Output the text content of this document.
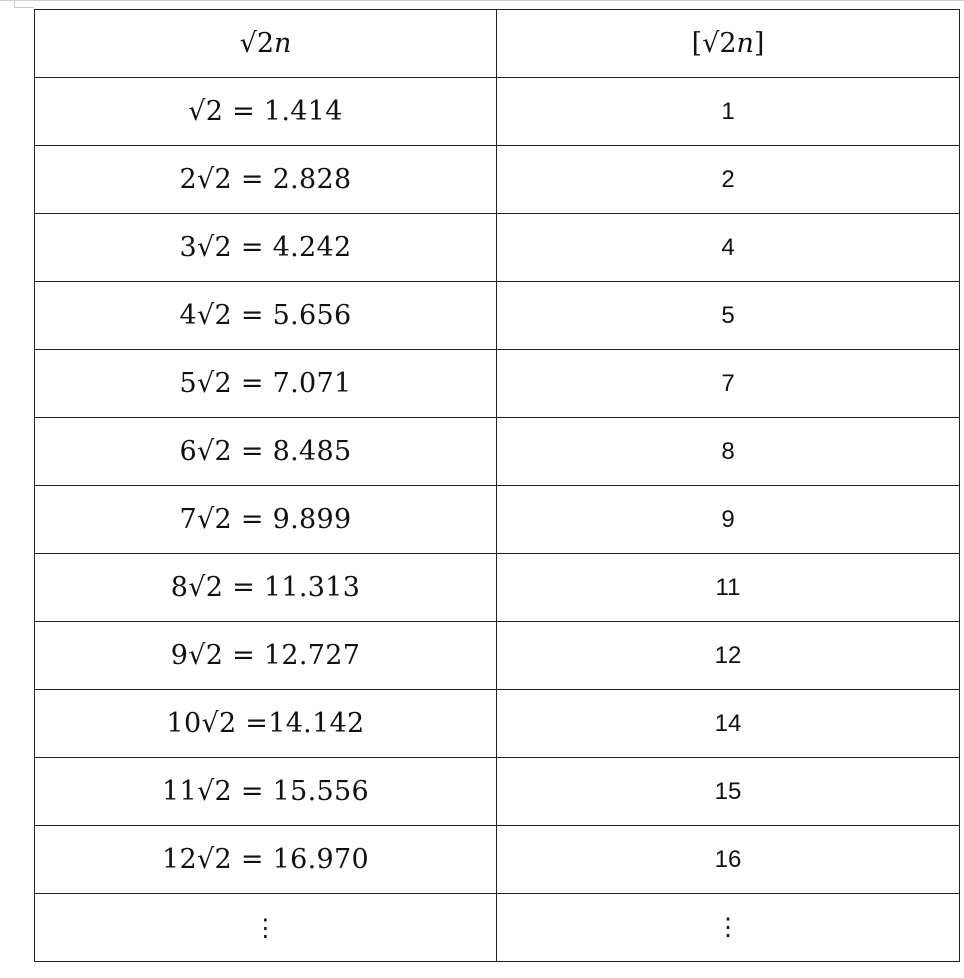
√2𝑛	[√2𝑛]
√2 = 1.414	1
2√2 = 2.828	2
3√2 = 4.242	4
4√2 = 5.656	5
5√2 = 7.071	7
6√2 = 8.485	8
7√2 = 9.899	9
8√2 = 11.313	11
9√2 = 12.727	12
10√2 =14.142	14
11√2 = 15.556	15
12√2 = 16.970	16
⋮	⋮
